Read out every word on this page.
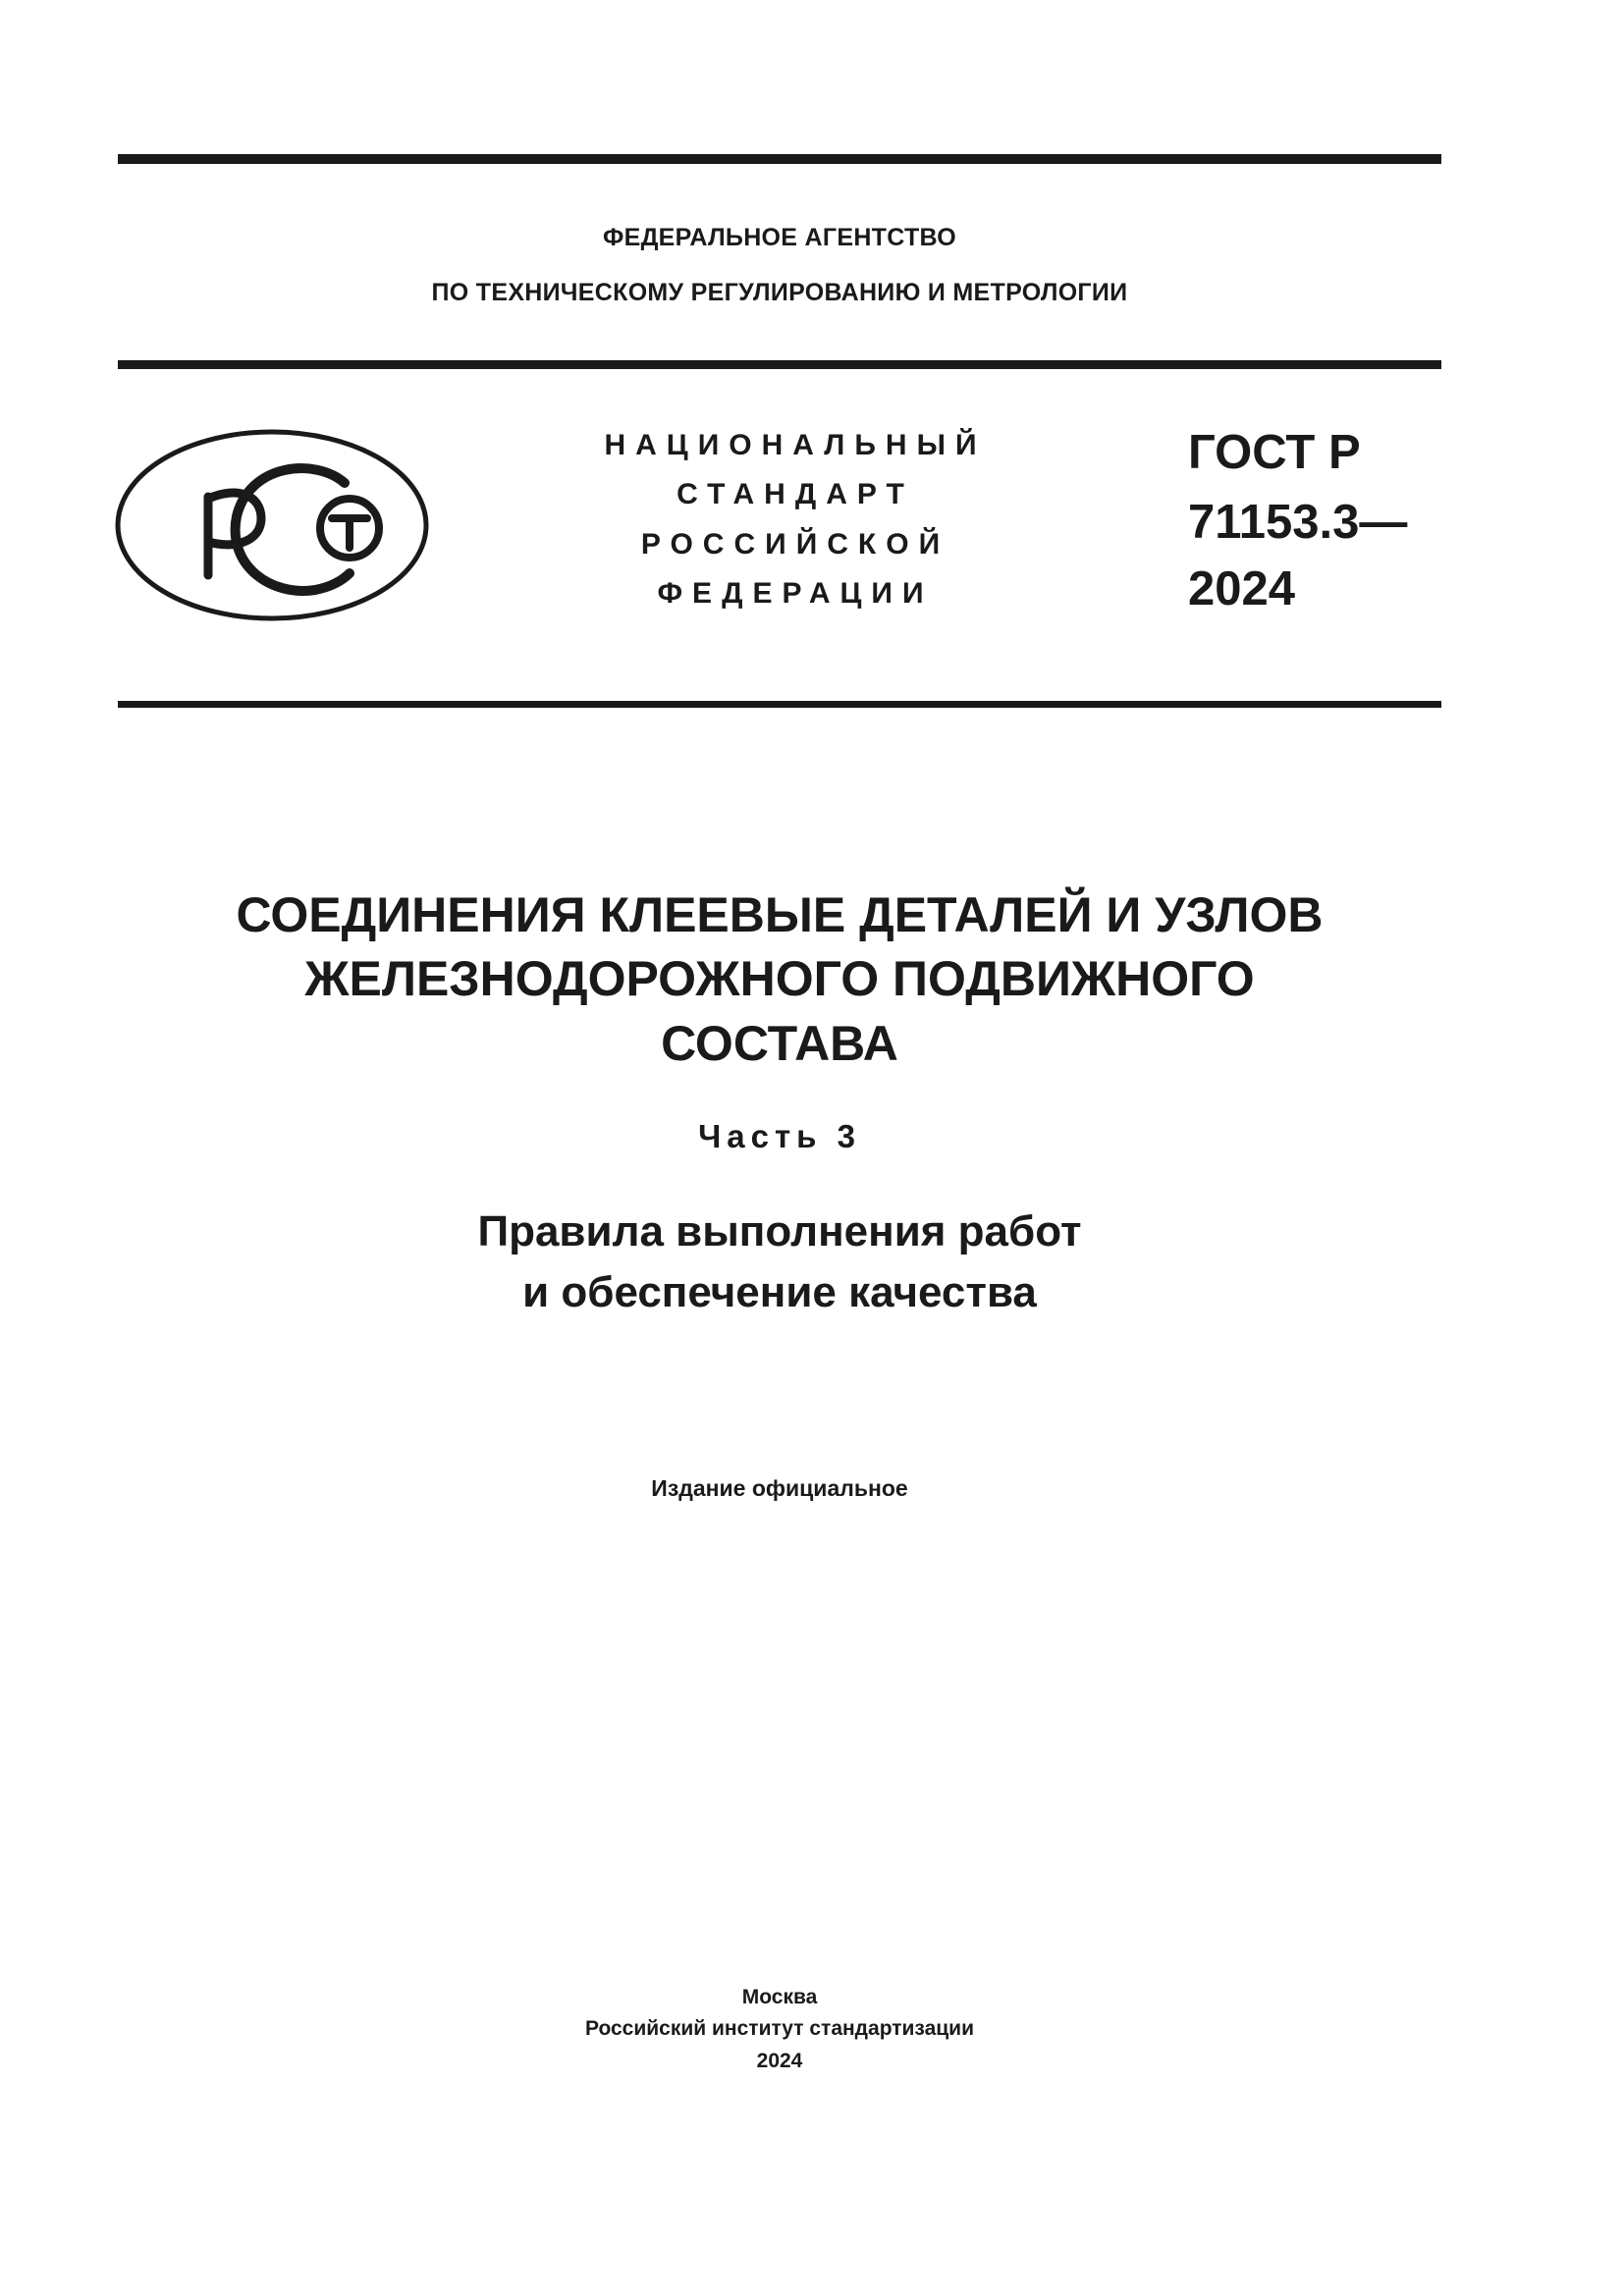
ФЕДЕРАЛЬНОЕ АГЕНТСТВО
ПО ТЕХНИЧЕСКОМУ РЕГУЛИРОВАНИЮ И МЕТРОЛОГИИ
НАЦИОНАЛЬНЫЙ
СТАНДАРТ
РОССИЙСКОЙ
ФЕДЕРАЦИИ
ГОСТ Р
71153.3—
2024
СОЕДИНЕНИЯ КЛЕЕВЫЕ ДЕТАЛЕЙ И УЗЛОВ
ЖЕЛЕЗНОДОРОЖНОГО ПОДВИЖНОГО
СОСТАВА
Часть 3
Правила выполнения работ
и обеспечение качества
Издание официальное
Москва
Российский институт стандартизации
2024
